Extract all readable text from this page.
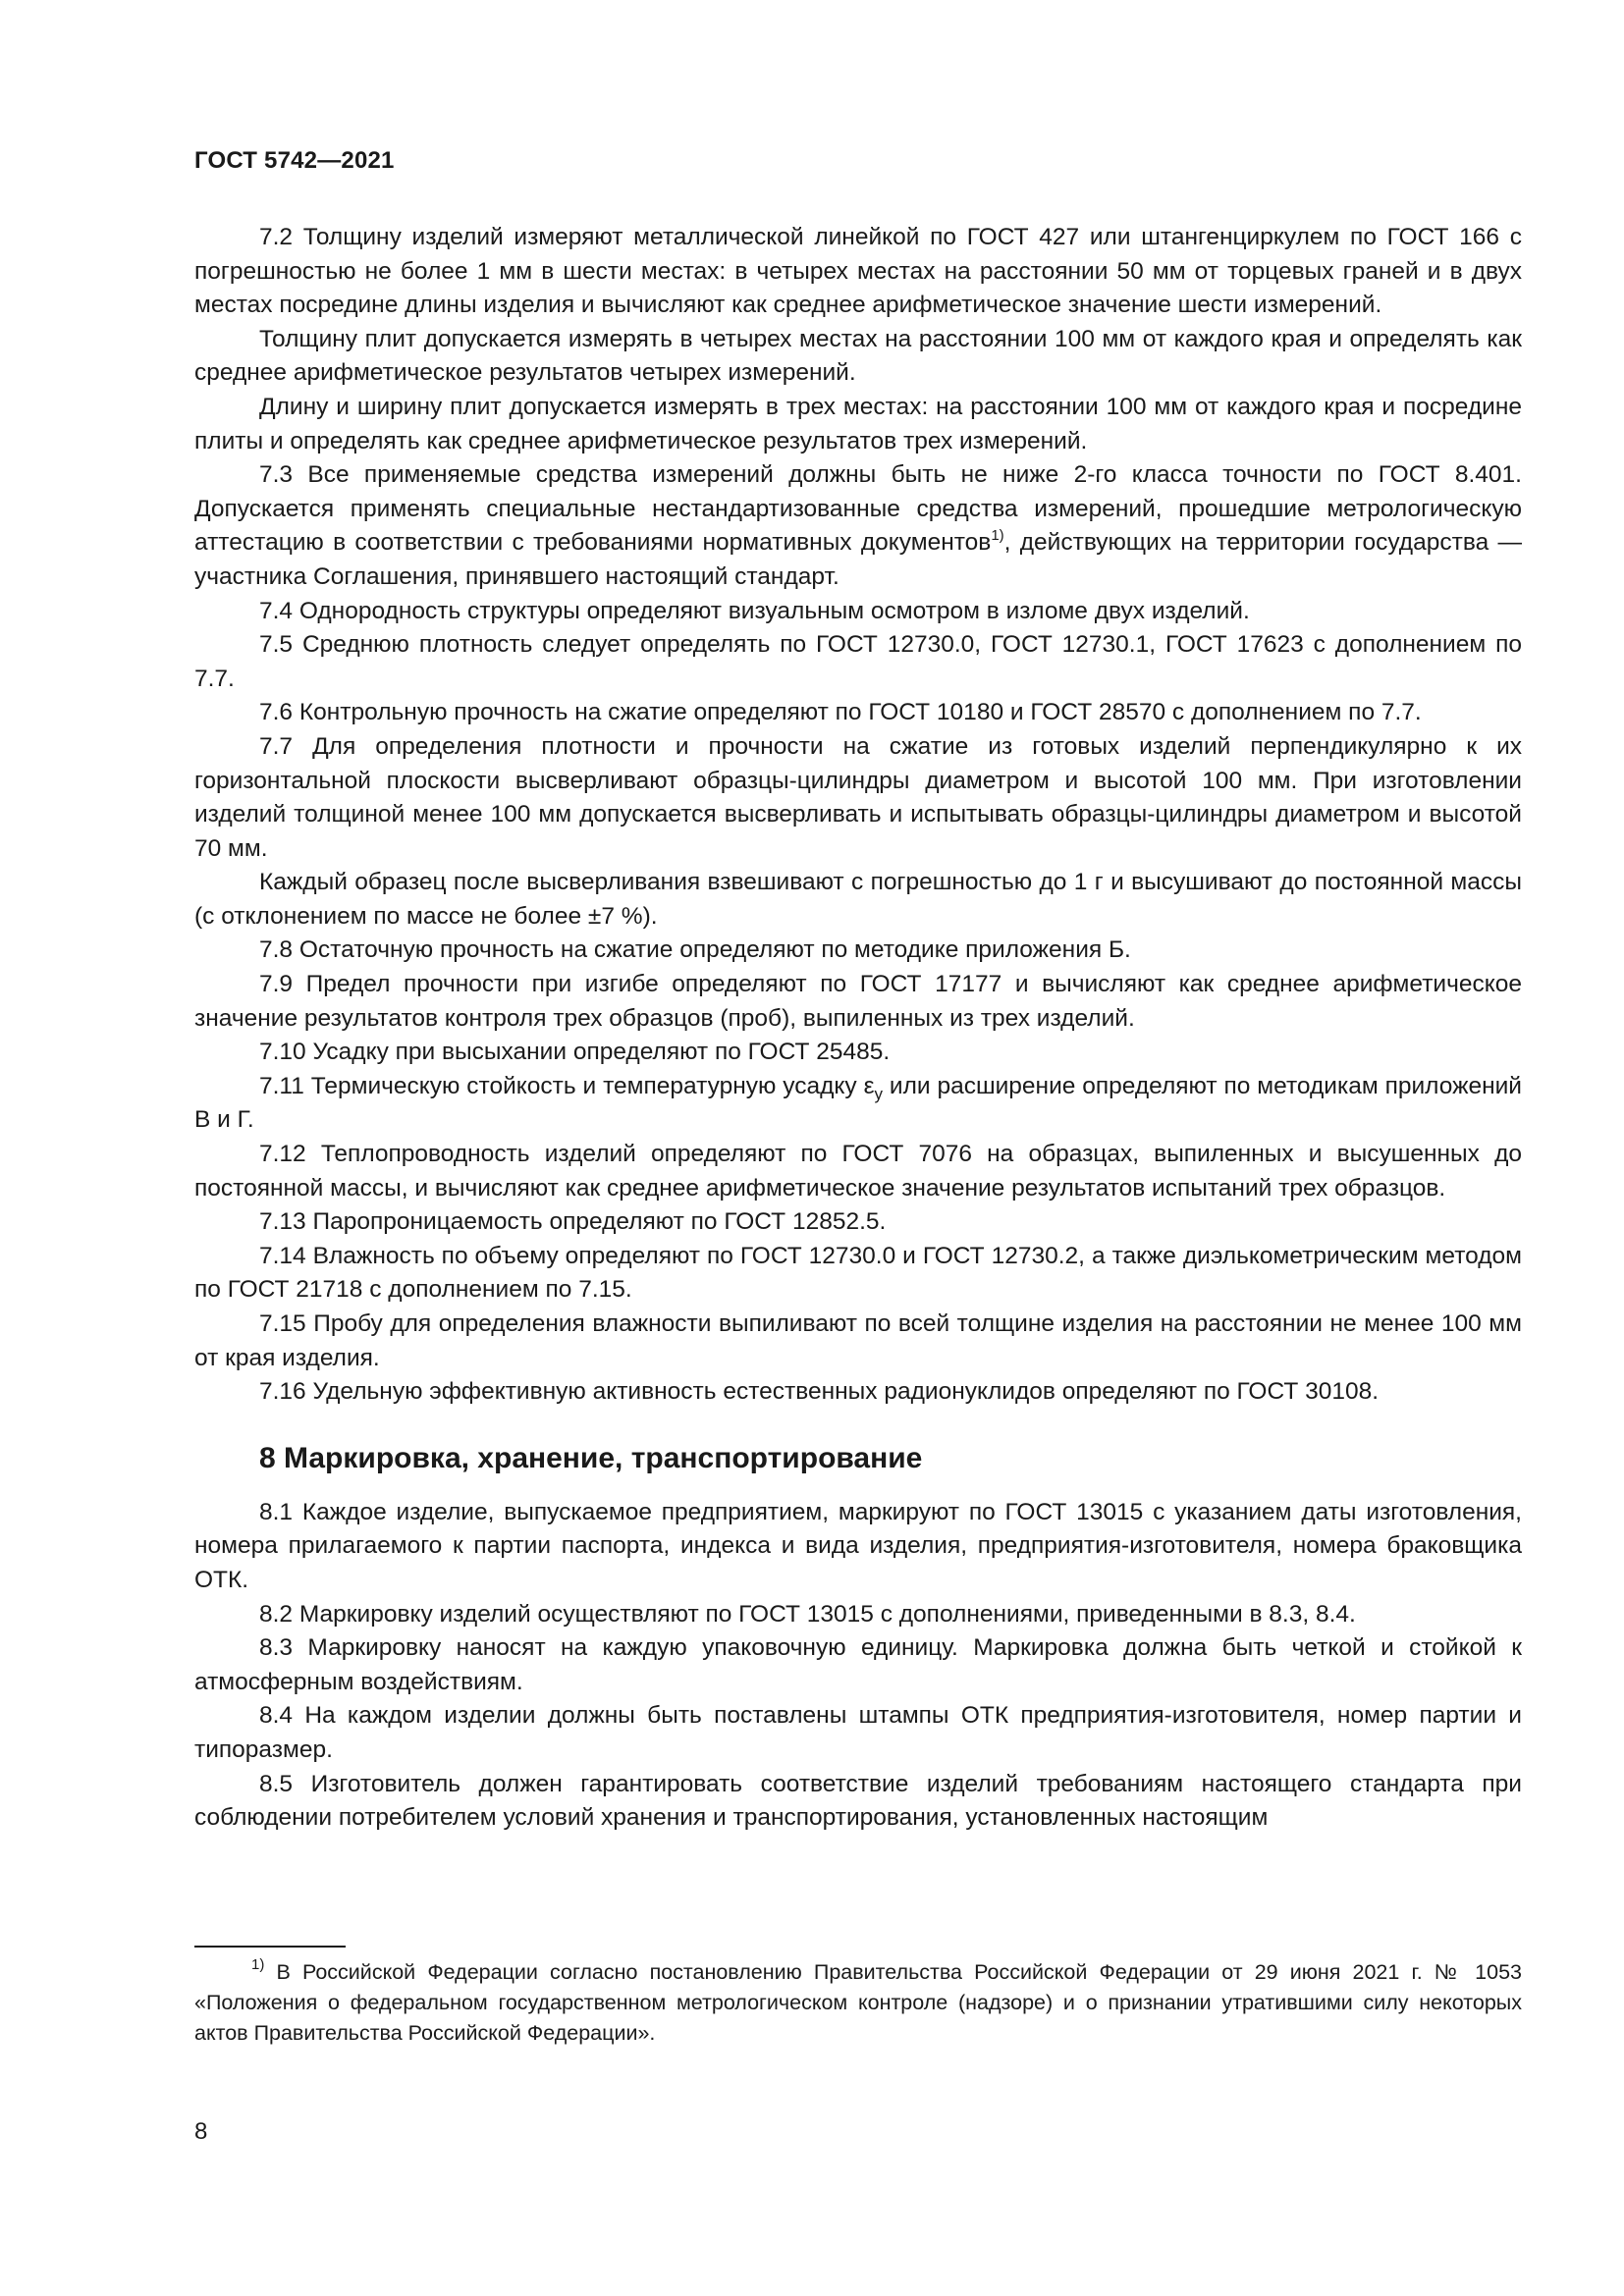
ГОСТ 5742—2021

7.2 Толщину изделий измеряют металлической линейкой по ГОСТ 427 или штангенциркулем по ГОСТ 166 с погрешностью не более 1 мм в шести местах: в четырех местах на расстоянии 50 мм от торцевых граней и в двух местах посредине длины изделия и вычисляют как среднее арифметическое значение шести измерений.

Толщину плит допускается измерять в четырех местах на расстоянии 100 мм от каждого края и определять как среднее арифметическое результатов четырех измерений.

Длину и ширину плит допускается измерять в трех местах: на расстоянии 100 мм от каждого края и посредине плиты и определять как среднее арифметическое результатов трех измерений.

7.3 Все применяемые средства измерений должны быть не ниже 2-го класса точности по ГОСТ 8.401. Допускается применять специальные нестандартизованные средства измерений, прошедшие метрологическую аттестацию в соответствии с требованиями нормативных документов$^{1)}$, действующих на территории государства — участника Соглашения, принявшего настоящий стандарт.

7.4 Однородность структуры определяют визуальным осмотром в изломе двух изделий.

7.5 Среднюю плотность следует определять по ГОСТ 12730.0, ГОСТ 12730.1, ГОСТ 17623 с дополнением по 7.7.

7.6 Контрольную прочность на сжатие определяют по ГОСТ 10180 и ГОСТ 28570 с дополнением по 7.7.

7.7 Для определения плотности и прочности на сжатие из готовых изделий перпендикулярно к их горизонтальной плоскости высверливают образцы-цилиндры диаметром и высотой 100 мм. При изготовлении изделий толщиной менее 100 мм допускается высверливать и испытывать образцы-цилиндры диаметром и высотой 70 мм.

Каждый образец после высверливания взвешивают с погрешностью до 1 г и высушивают до постоянной массы (с отклонением по массе не более ±7 %).

7.8 Остаточную прочность на сжатие определяют по методике приложения Б.

7.9 Предел прочности при изгибе определяют по ГОСТ 17177 и вычисляют как среднее арифметическое значение результатов контроля трех образцов (проб), выпиленных из трех изделий.

7.10 Усадку при высыхании определяют по ГОСТ 25485.

7.11 Термическую стойкость и температурную усадку $\varepsilon_y$ или расширение определяют по методикам приложений В и Г.

7.12 Теплопроводность изделий определяют по ГОСТ 7076 на образцах, выпиленных и высушенных до постоянной массы, и вычисляют как среднее арифметическое значение результатов испытаний трех образцов.

7.13 Паропроницаемость определяют по ГОСТ 12852.5.

7.14 Влажность по объему определяют по ГОСТ 12730.0 и ГОСТ 12730.2, а также диэлькометрическим методом по ГОСТ 21718 с дополнением по 7.15.

7.15 Пробу для определения влажности выпиливают по всей толщине изделия на расстоянии не менее 100 мм от края изделия.

7.16 Удельную эффективную активность естественных радионуклидов определяют по ГОСТ 30108.

8 Маркировка, хранение, транспортирование

8.1 Каждое изделие, выпускаемое предприятием, маркируют по ГОСТ 13015 с указанием даты изготовления, номера прилагаемого к партии паспорта, индекса и вида изделия, предприятия-изготовителя, номера браковщика ОТК.

8.2 Маркировку изделий осуществляют по ГОСТ 13015 с дополнениями, приведенными в 8.3, 8.4.

8.3 Маркировку наносят на каждую упаковочную единицу. Маркировка должна быть четкой и стойкой к атмосферным воздействиям.

8.4 На каждом изделии должны быть поставлены штампы ОТК предприятия-изготовителя, номер партии и типоразмер.

8.5 Изготовитель должен гарантировать соответствие изделий требованиям настоящего стандарта при соблюдении потребителем условий хранения и транспортирования, установленных настоящим

$^{1)}$ В Российской Федерации согласно постановлению Правительства Российской Федерации от 29 июня 2021 г. № 1053 «Положения о федеральном государственном метрологическом контроле (надзоре) и о признании утратившими силу некоторых актов Правительства Российской Федерации».

8
